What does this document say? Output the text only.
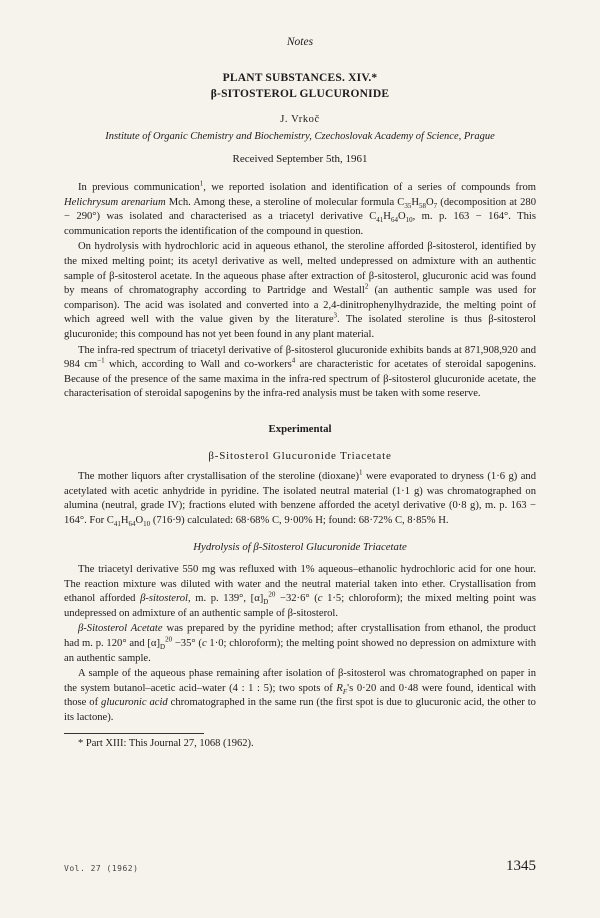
Notes
PLANT SUBSTANCES. XIV.*
β-SITOSTEROL GLUCURONIDE
J. Vrkoč
Institute of Organic Chemistry and Biochemistry, Czechoslovak Academy of Science, Prague
Received September 5th, 1961

In previous communication$^1$, we reported isolation and identification of a series of compounds from Helichrysum arenarium Mch. Among these, a steroline of molecular formula $C_{35}H_{58}O_7$ (decomposition at 280 − 290°) was isolated and characterised as a triacetyl derivative $C_{41}H_{64}O_{10}$, m. p. 163 − 164°. This communication reports the identification of the compound in question.

On hydrolysis with hydrochloric acid in aqueous ethanol, the steroline afforded β-sitosterol, identified by the mixed melting point; its acetyl derivative as well, melted undepressed on admixture with an authentic sample of β-sitosterol acetate. In the aqueous phase after extraction of β-sitosterol, glucuronic acid was found by means of chromatography according to Partridge and Westall$^2$ (an authentic sample was used for comparison). The acid was isolated and converted into a 2,4-dinitrophenylhydrazide, the melting point of which agreed well with the value given by the literature$^3$. The isolated steroline is thus β-sitosterol glucuronide; this compound has not yet been found in any plant material.

The infra-red spectrum of triacetyl derivative of β-sitosterol glucuronide exhibits bands at 871,908,920 and 984 $cm^{-1}$ which, according to Wall and co-workers$^4$ are characteristic for acetates of steroidal sapogenins. Because of the presence of the same maxima in the infra-red spectrum of β-sitosterol glucuronide acetate, the characterisation of steroidal sapogenins by the infra-red analysis must be taken with some reserve.

Experimental
β-Sitosterol Glucuronide Triacetate

The mother liquors after crystallisation of the steroline (dioxane)$^1$ were evaporated to dryness (1·6 g) and acetylated with acetic anhydride in pyridine. The isolated neutral material (1·1 g) was chromatographed on alumina (neutral, grade IV); fractions eluted with benzene afforded the acetyl derivative (0·8 g), m. p. 163 − 164°. For $C_{41}H_{64}O_{10}$ (716·9) calculated: 68·68% C, 9·00% H; found: 68·72% C, 8·85% H.

Hydrolysis of β-Sitosterol Glucuronide Triacetate

The triacetyl derivative 550 mg was refluxed with 1% aqueous–ethanolic hydrochloric acid for one hour. The reaction mixture was diluted with water and the neutral material taken into ether. Crystallisation from ethanol afforded β-sitosterol, m. p. 139°, $[\alpha]_D^{20} -32\cdot 6^\circ$ (c 1·5; chloroform); the mixed melting point was undepressed on admixture of an authentic sample of β-sitosterol.

β-Sitosterol Acetate was prepared by the pyridine method; after crystallisation from ethanol, the product had m. p. 120° and $[\alpha]_D^{20} -35^\circ$ (c 1·0; chloroform); the melting point showed no depression on admixture with an authentic sample.

A sample of the aqueous phase remaining after isolation of β-sitosterol was chromatographed on paper in the system butanol–acetic acid–water (4 : 1 : 5); two spots of $R_F's$ 0·20 and 0·48 were found, identical with those of glucuronic acid chromatographed in the same run (the first spot is due to glucuronic acid, the other to its lactone).

* Part XIII: This Journal 27, 1068 (1962).
Vol. 27 (1962)	1345
